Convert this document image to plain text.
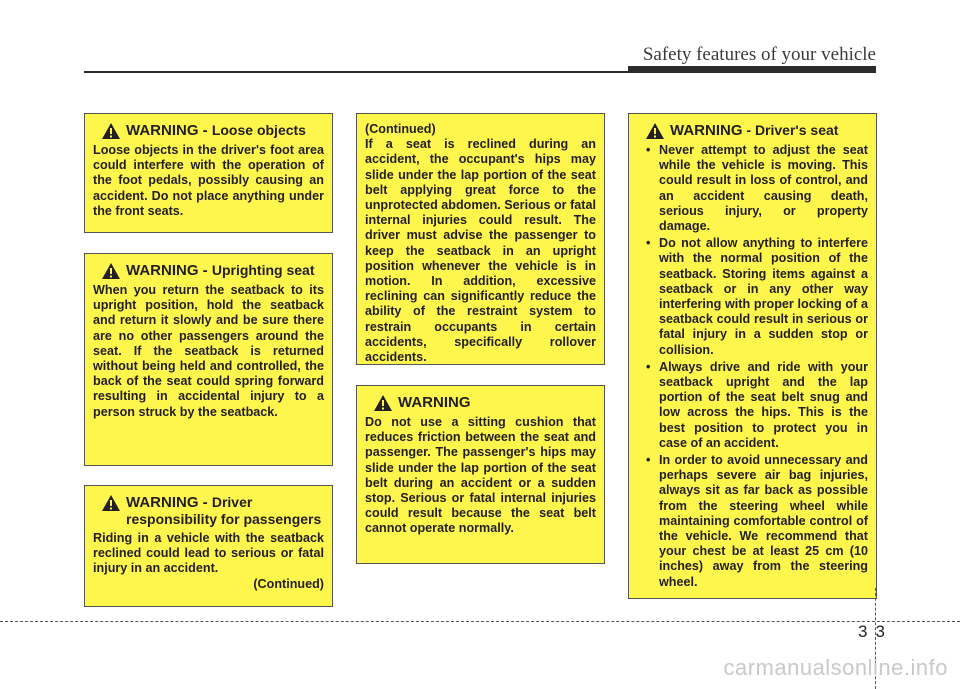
Safety features of your vehicle
WARNING - Loose objects
Loose objects in the driver's foot area could interfere with the operation of the foot pedals, possibly causing an accident. Do not place anything under the front seats.
WARNING - Uprighting seat
When you return the seatback to its upright position, hold the seatback and return it slowly and be sure there are no other passengers around the seat. If the seatback is returned without being held and controlled, the back of the seat could spring forward resulting in accidental injury to a person struck by the seatback.
WARNING - Driver responsibility for passengers
Riding in a vehicle with the seatback reclined could lead to serious or fatal injury in an accident.
(Continued)
(Continued)
If a seat is reclined during an accident, the occupant's hips may slide under the lap portion of the seat belt applying great force to the unprotected abdomen. Serious or fatal internal injuries could result. The driver must advise the passenger to keep the seatback in an upright position whenever the vehicle is in motion. In addition, excessive reclining can significantly reduce the ability of the restraint system to restrain occupants in certain accidents, specifically rollover accidents.
WARNING
Do not use a sitting cushion that reduces friction between the seat and passenger. The passenger's hips may slide under the lap portion of the seat belt during an accident or a sudden stop. Serious or fatal internal injuries could result because the seat belt cannot operate normally.
WARNING - Driver's seat
• Never attempt to adjust the seat while the vehicle is moving. This could result in loss of control, and an accident causing death, serious injury, or property damage.
• Do not allow anything to interfere with the normal position of the seatback. Storing items against a seatback or in any other way interfering with proper locking of a seatback could result in serious or fatal injury in a sudden stop or collision.
• Always drive and ride with your seatback upright and the lap portion of the seat belt snug and low across the hips. This is the best position to protect you in case of an accident.
• In order to avoid unnecessary and perhaps severe air bag injuries, always sit as far back as possible from the steering wheel while maintaining comfortable control of the vehicle. We recommend that your chest be at least 25 cm (10 inches) away from the steering wheel.
33
carmanualsonline.info
